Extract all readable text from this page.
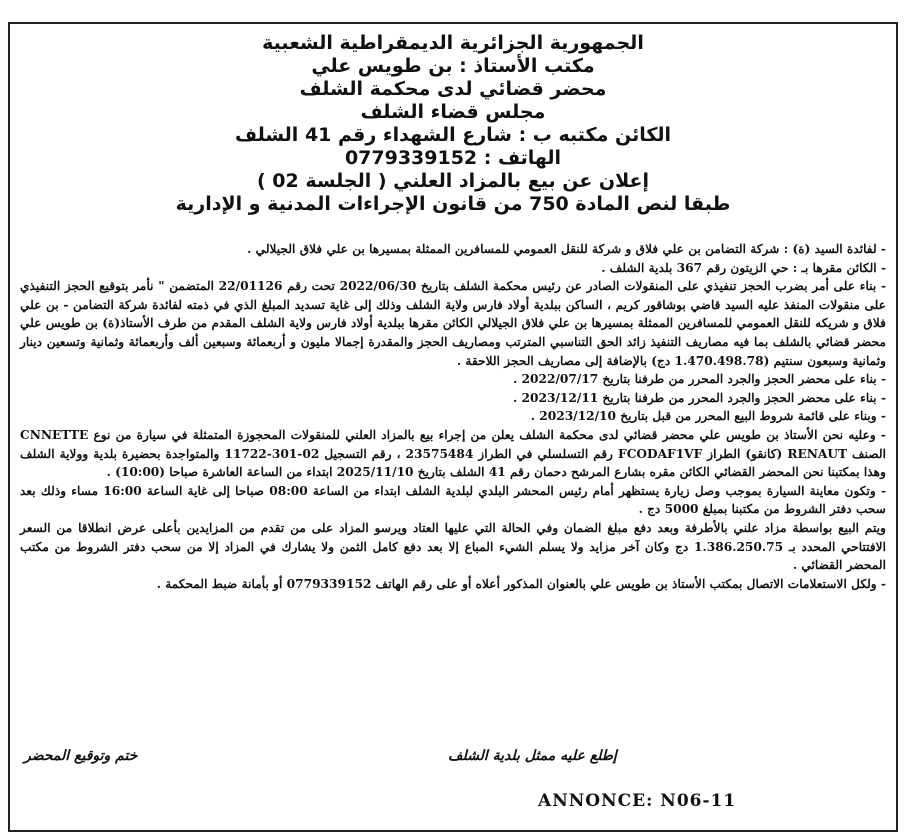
الجمهورية الجزائرية الديمقراطية الشعبية
مكتب الأستاذ : بن طويس علي
محضر قضائي لدى محكمة الشلف
مجلس قضاء الشلف
الكائن مكتبه ب : شارع الشهداء رقم 41 الشلف
الهاتف : 0779339152
إعلان عن بيع بالمزاد العلني ( الجلسة 02 )
طبقا لنص المادة 750 من قانون الإجراءات المدنية و الإدارية

- لفائدة السيد (ة) : شركة التضامن بن علي فلاق و شركة للنقل العمومي للمسافرين الممثلة بمسيرها بن علي فلاق الجيلالي .

- الكائن مقرها بـ : حي الزيتون رقم 367 بلدية الشلف .

- بناء على أمر بضرب الحجز تنفيذي على المنقولات الصادر عن رئيس محكمة الشلف بتاريخ 2022/06/30 تحت رقم 22/01126 المتضمن " نأمر بتوقيع الحجز التنفيذي على منقولات المنفذ عليه السيد قاضي بوشاقور كريم ، الساكن ببلدية أولاد فارس ولاية الشلف وذلك إلى غاية تسديد المبلغ الذي في ذمته لفائدة شركة التضامن - بن علي فلاق و شريكه للنقل العمومي للمسافرين الممثلة بمسيرها بن علي فلاق الجيلالي الكائن مقرها ببلدية أولاد فارس ولاية الشلف المقدم من طرف الأستاذ(ة) بن طويس علي محضر قضائي بالشلف بما فيه مصاريف التنفيذ زائد الحق التناسبي المترتب ومصاريف الحجز والمقدرة إجمالا مليون و أربعمائة وسبعين ألف وأربعمائة وثمانية وتسعين دينار وثمانية وسبعون سنتيم (1.470.498.78 دج) بالإضافة إلى مصاريف الحجز اللاحقة .

- بناء على محضر الحجز والجرد المحرر من طرفنا بتاريخ 2022/07/17 .

- بناء على محضر الحجز والجرد المحرر من طرفنا بتاريخ 2023/12/11 .

- وبناء على قائمة شروط البيع المحرر من قبل بتاريخ 2023/12/10 .

- وعليه نحن الأستاذ بن طويس علي محضر قضائي لدى محكمة الشلف يعلن من إجراء بيع بالمزاد العلني للمنقولات المحجوزة المتمثلة في سيارة من نوع CNNETTE الصنف RENAUT (كانقو) الطراز FCODAF1VF رقم التسلسلي في الطراز 23575484 ، رقم التسجيل 02-301-11722 والمتواجدة بحضيرة بلدية وولاية الشلف وهذا بمكتبنا نحن المحضر القضائي الكائن مقره بشارع المرشح دحمان رقم 41 الشلف بتاريخ 2025/11/10 ابتداء من الساعة العاشرة صباحا (10:00) .

- وتكون معاينة السيارة بموجب وصل زيارة يستظهر أمام رئيس المحشر البلدي لبلدية الشلف ابتداء من الساعة 08:00 صباحا إلى غاية الساعة 16:00 مساء وذلك بعد سحب دفتر الشروط من مكتبنا بمبلغ 5000 دج .

ويتم البيع بواسطة مزاد علني بالأطرفة وبعد دفع مبلغ الضمان وفي الحالة التي عليها العتاد ويرسو المزاد على من تقدم من المزايدين بأعلى عرض انطلاقا من السعر الافتتاحي المحدد بـ 1.386.250.75 دج وكان آخر مزايد ولا يسلم الشيء المباع إلا بعد دفع كامل الثمن ولا يشارك في المزاد إلا من سحب دفتر الشروط من مكتب المحضر القضائي .

- ولكل الاستعلامات الاتصال بمكتب الأستاذ بن طويس علي بالعنوان المذكور أعلاه أو على رقم الهاتف 0779339152 أو بأمانة ضبط المحكمة .

إطلع عليه ممثل بلدية الشلف
ختم وتوقيع المحضر
ANNONCE: N06-11
